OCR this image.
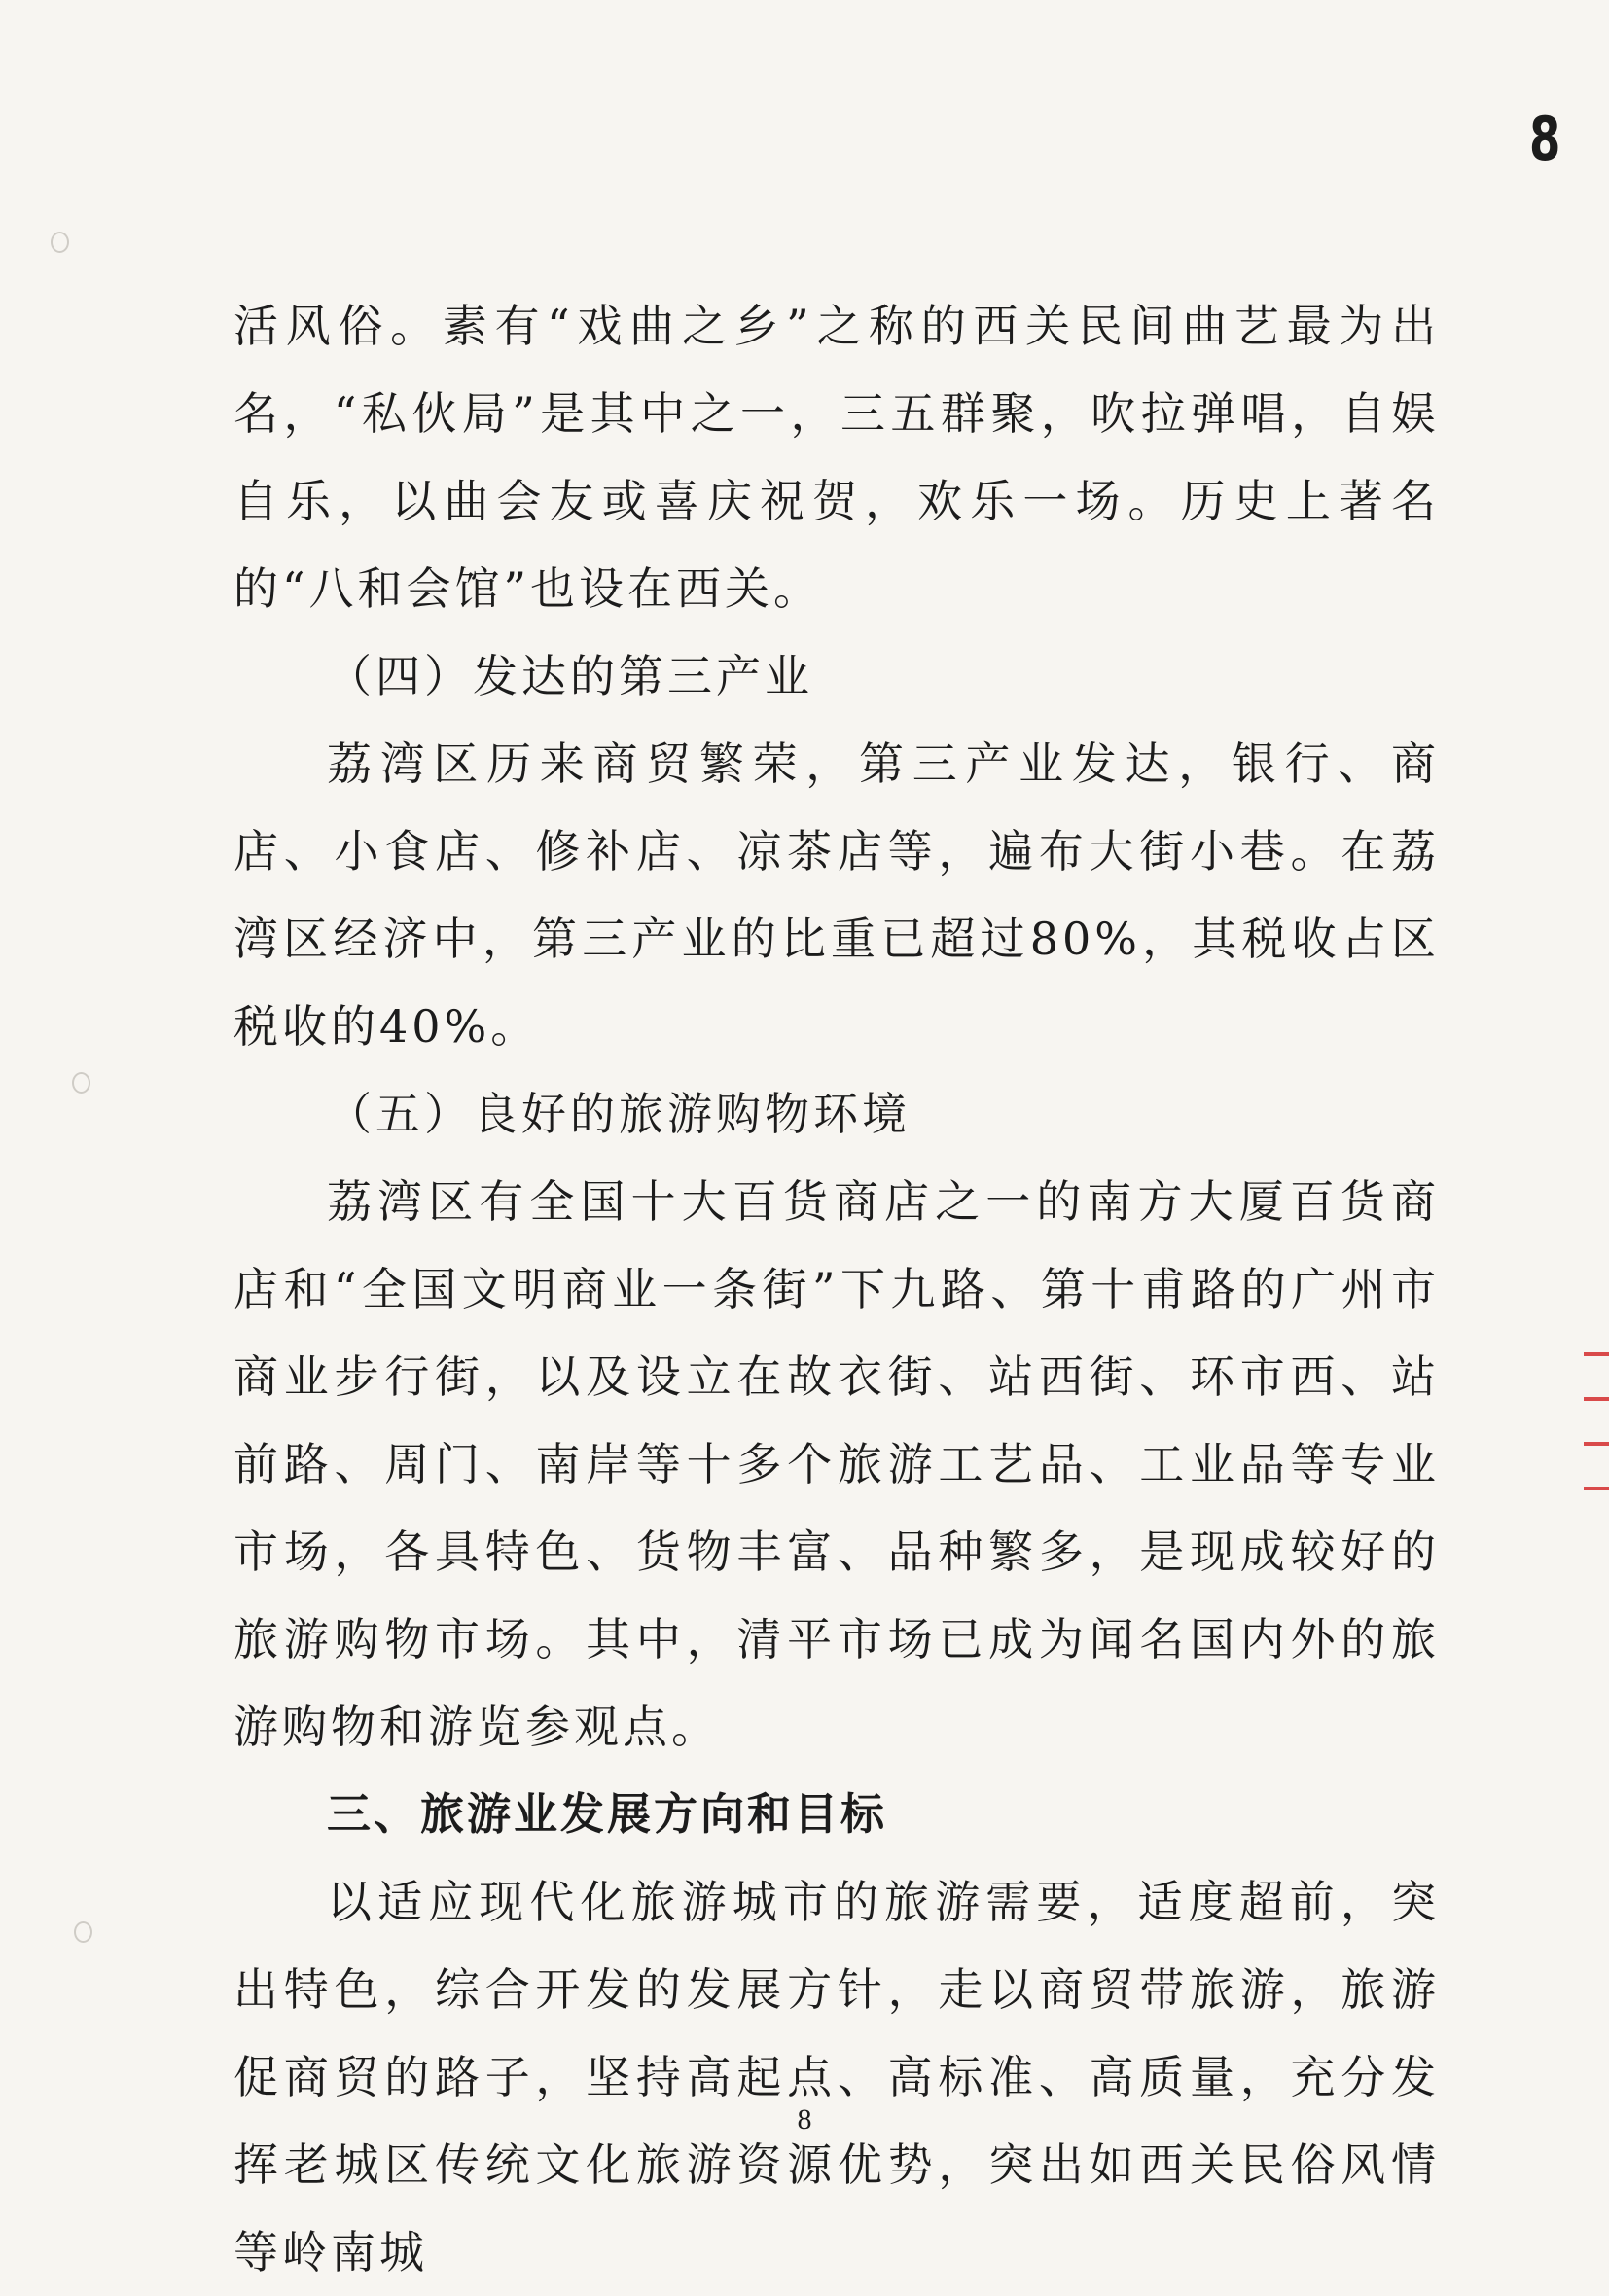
8

活风俗。素有“戏曲之乡”之称的西关民间曲艺最为出名，“私伙局”是其中之一，三五群聚，吹拉弹唱，自娱自乐，以曲会友或喜庆祝贺，欢乐一场。历史上著名的“八和会馆”也设在西关。

（四）发达的第三产业

荔湾区历来商贸繁荣，第三产业发达，银行、商店、小食店、修补店、凉茶店等，遍布大街小巷。在荔湾区经济中，第三产业的比重已超过80%，其税收占区税收的40%。

（五）良好的旅游购物环境

荔湾区有全国十大百货商店之一的南方大厦百货商店和“全国文明商业一条街”下九路、第十甫路的广州市商业步行街，以及设立在故衣街、站西街、环市西、站前路、周门、南岸等十多个旅游工艺品、工业品等专业市场，各具特色、货物丰富、品种繁多，是现成较好的旅游购物市场。其中，清平市场已成为闻名国内外的旅游购物和游览参观点。

三、旅游业发展方向和目标

以适应现代化旅游城市的旅游需要，适度超前，突出特色，综合开发的发展方针，走以商贸带旅游，旅游促商贸的路子，坚持高起点、高标准、高质量，充分发挥老城区传统文化旅游资源优势，突出如西关民俗风情等岭南城

8
